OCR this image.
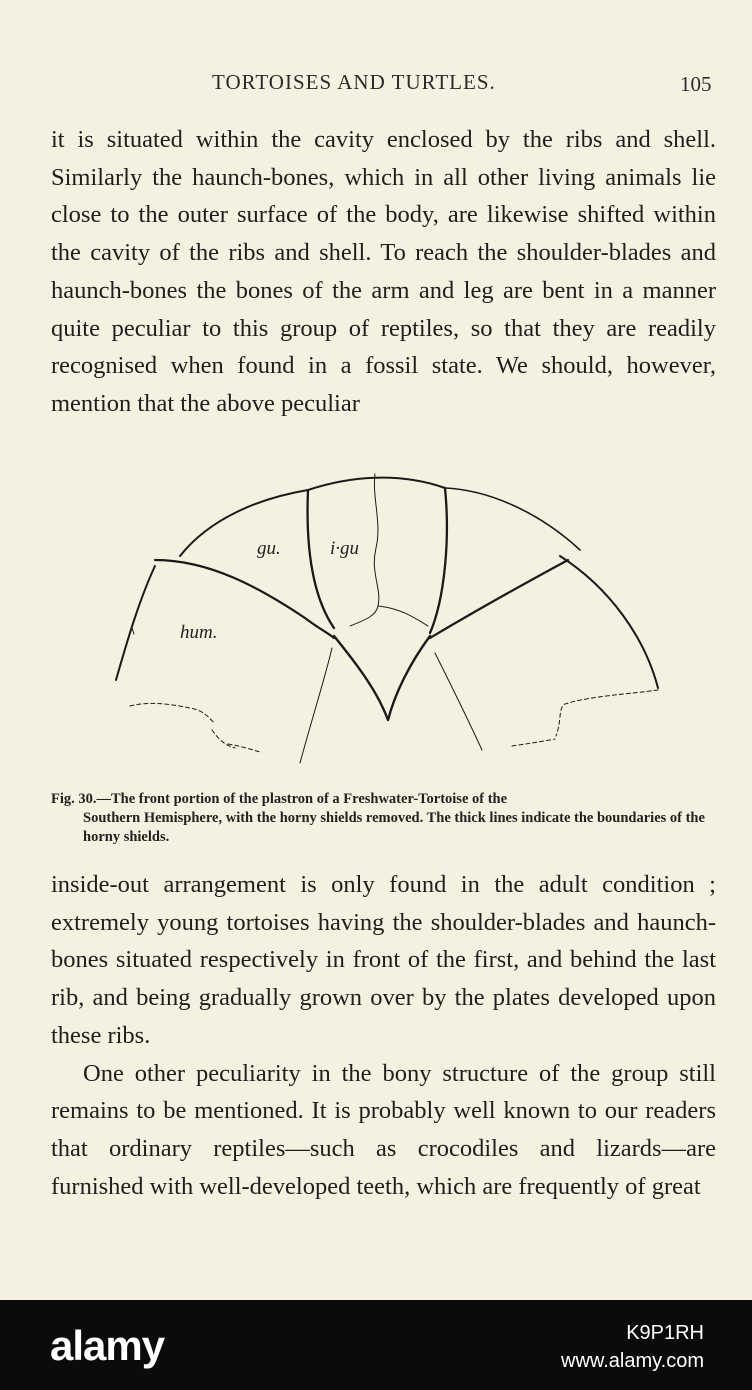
TORTOISES AND TURTLES.	105

it is situated within the cavity enclosed by the ribs and shell. Similarly the haunch-bones, which in all other living animals lie close to the outer surface of the body, are likewise shifted within the cavity of the ribs and shell. To reach the shoulder-blades and haunch-bones the bones of the arm and leg are bent in a manner quite peculiar to this group of reptiles, so that they are readily recognised when found in a fossil state. We should, however, mention that the above peculiar

gu.	i·gu
hum.
Fig. 30.—The front portion of the plastron of a Freshwater-Tortoise of the
Southern Hemisphere, with the horny shields removed. The thick lines indicate the boundaries of the horny shields.

inside-out arrangement is only found in the adult condition ; extremely young tortoises having the shoulder-blades and haunch-bones situated respectively in front of the first, and behind the last rib, and being gradually grown over by the plates developed upon these ribs.

One other peculiarity in the bony structure of the group still remains to be mentioned. It is probably well known to our readers that ordinary reptiles—such as crocodiles and lizards—are furnished with well-developed teeth, which are frequently of great

alamy	K9P1RH
www.alamy.com
